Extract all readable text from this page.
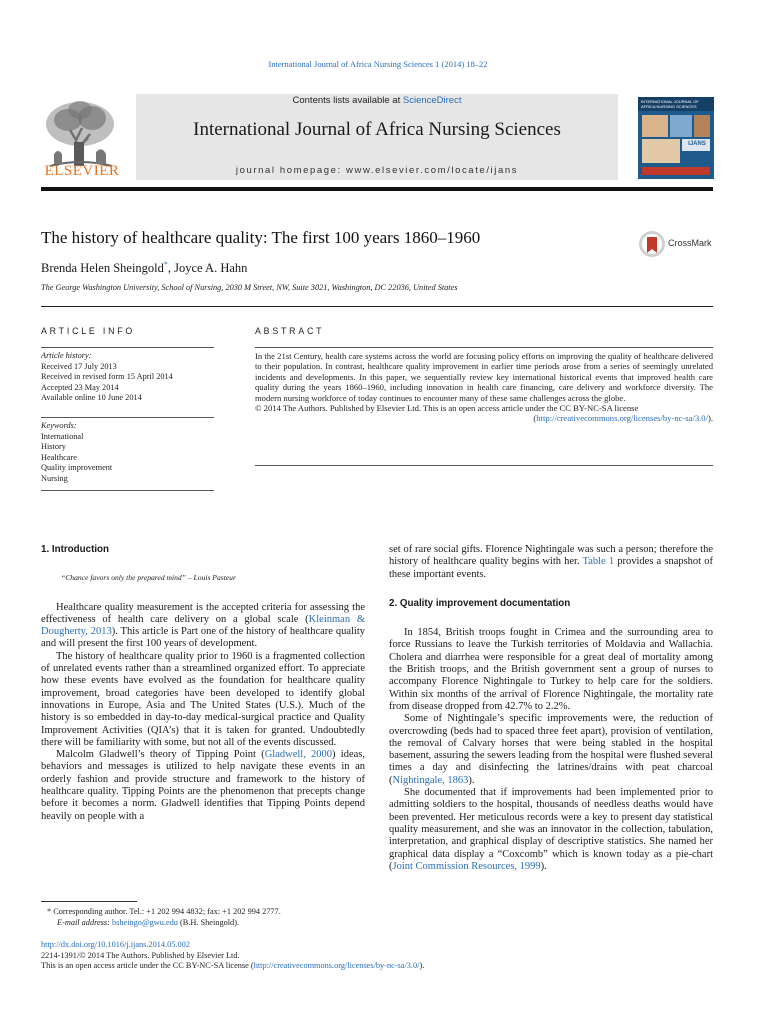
International Journal of Africa Nursing Sciences 1 (2014) 18–22
ELSEVIER
Contents lists available at ScienceDirect
International Journal of Africa Nursing Sciences
journal homepage: www.elsevier.com/locate/ijans
INTERNATIONAL JOURNAL OF AFRICA NURSING SCIENCES
IJANS
The history of healthcare quality: The first 100 years 1860–1960	CrossMark
Brenda Helen Sheingold*, Joyce A. Hahn
The George Washington University, School of Nursing, 2030 M Street, NW, Suite 3021, Washington, DC 22036, United States
ARTICLE INFO	ABSTRACT
Article history:
Received 17 July 2013
Received in revised form 15 April 2014
Accepted 23 May 2014
Available online 10 June 2014
Keywords:
International
History
Healthcare
Quality improvement
Nursing
In the 21st Century, health care systems across the world are focusing policy efforts on improving the quality of healthcare delivered to their population. In contrast, healthcare quality improvement in earlier time periods arose from a series of seemingly unrelated incidents and developments. In this paper, we sequentially review key international historical events that improved health care quality during the years 1860–1960, including innovation in health care financing, care delivery and workforce diversity. The modern nursing workforce of today continues to encounter many of these same challenges across the globe.
© 2014 The Authors. Published by Elsevier Ltd. This is an open access article under the CC BY-NC-SA license
(http://creativecommons.org/licenses/by-nc-sa/3.0/).

1. Introduction

“Chance favors only the prepared mind” – Louis Pasteur

Healthcare quality measurement is the accepted criteria for assessing the effectiveness of health care delivery on a global scale (Kleinman & Dougherty, 2013). This article is Part one of the history of healthcare quality and will present the first 100 years of development.

The history of healthcare quality prior to 1960 is a fragmented collection of unrelated events rather than a streamlined organized effort. To appreciate how these events have evolved as the foundation for healthcare quality improvement, broad categories have been developed to identify global innovations in Europe, Asia and The United States (U.S.). Much of the history is so embedded in day-to-day medical-surgical practice and Quality Improvement Activities (QIA’s) that it is taken for granted. Undoubtedly there will be familiarity with some, but not all of the events discussed.

Malcolm Gladwell’s theory of Tipping Point (Gladwell, 2000) ideas, behaviors and messages is utilized to help navigate these events in an orderly fashion and provide structure and framework to the history of healthcare quality. Tipping Points are the phenomenon that precepts change before it becomes a norm. Gladwell identifies that Tipping Points depend heavily on people with a

set of rare social gifts. Florence Nightingale was such a person; therefore the history of healthcare quality begins with her. Table 1 provides a snapshot of these important events.

2. Quality improvement documentation

In 1854, British troops fought in Crimea and the surrounding area to force Russians to leave the Turkish territories of Moldavia and Wallachia. Cholera and diarrhea were responsible for a great deal of mortality among the British troops, and the British government sent a group of nurses to accompany Florence Nightingale to Turkey to help care for the soldiers. Within six months of the arrival of Florence Nightingale, the mortality rate from disease dropped from 42.7% to 2.2%.

Some of Nightingale’s specific improvements were, the reduction of overcrowding (beds had to spaced three feet apart), provision of ventilation, the removal of Calvary horses that were being stabled in the hospital basement, assuring the sewers leading from the hospital were flushed several times a day and disinfecting the latrines/drains with peat charcoal (Nightingale, 1863).

She documented that if improvements had been implemented prior to admitting soldiers to the hospital, thousands of needless deaths would have been prevented. Her meticulous records were a key to present day statistical quality measurement, and she was an innovator in the collection, tabulation, interpretation, and graphical display of descriptive statistics. She named her graphical data display a “Coxcomb” which is known today as a pie-chart (Joint Commission Resources, 1999).

* Corresponding author. Tel.: +1 202 994 4832; fax: +1 202 994 2777.
E-mail address: bsheingo@gwu.edu (B.H. Sheingold).
http://dx.doi.org/10.1016/j.ijans.2014.05.002
2214-1391/© 2014 The Authors. Published by Elsevier Ltd.
This is an open access article under the CC BY-NC-SA license (http://creativecommons.org/licenses/by-nc-sa/3.0/).
